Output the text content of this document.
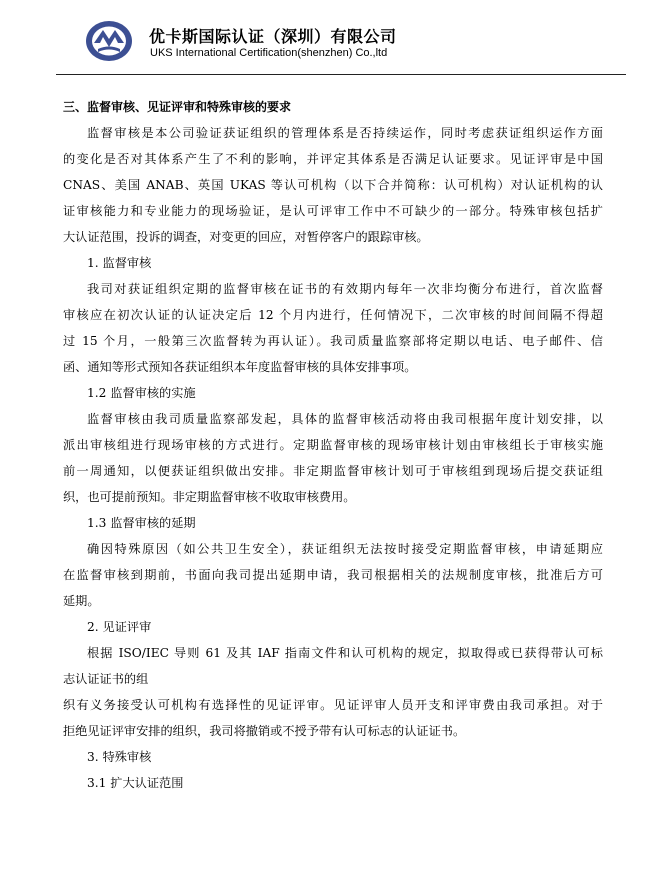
优卡斯国际认证（深圳）有限公司
UKS International Certification(shenzhen) Co.,ltd
三、监督审核、见证评审和特殊审核的要求
监督审核是本公司验证获证组织的管理体系是否持续运作，同时考虑获证组织运作方面
的变化是否对其体系产生了不利的影响，并评定其体系是否满足认证要求。见证评审是中国
CNAS、美国 ANAB、英国 UKAS 等认可机构（以下合并简称：认可机构）对认证机构的认
证审核能力和专业能力的现场验证，是认可评审工作中不可缺少的一部分。特殊审核包括扩
大认证范围，投诉的调查，对变更的回应，对暂停客户的跟踪审核。
1. 监督审核
我司对获证组织定期的监督审核在证书的有效期内每年一次非均衡分布进行，首次监督
审核应在初次认证的认证决定后 12 个月内进行，任何情况下，二次审核的时间间隔不得超
过 15 个月，一般第三次监督转为再认证）。我司质量监察部将定期以电话、电子邮件、信
函、通知等形式预知各获证组织本年度监督审核的具体安排事项。
1.2 监督审核的实施
监督审核由我司质量监察部发起，具体的监督审核活动将由我司根据年度计划安排，以
派出审核组进行现场审核的方式进行。定期监督审核的现场审核计划由审核组长于审核实施
前一周通知，以便获证组织做出安排。非定期监督审核计划可于审核组到现场后提交获证组
织，也可提前预知。非定期监督审核不收取审核费用。
1.3 监督审核的延期
确因特殊原因（如公共卫生安全），获证组织无法按时接受定期监督审核，申请延期应
在监督审核到期前，书面向我司提出延期申请，我司根据相关的法规制度审核，批准后方可
延期。
2. 见证评审
根据 ISO/IEC 导则 61 及其 IAF 指南文件和认可机构的规定，拟取得或已获得带认可标
志认证证书的组
织有义务接受认可机构有选择性的见证评审。见证评审人员开支和评审费由我司承担。对于
拒绝见证评审安排的组织，我司将撤销或不授予带有认可标志的认证证书。
3. 特殊审核
3.1 扩大认证范围
